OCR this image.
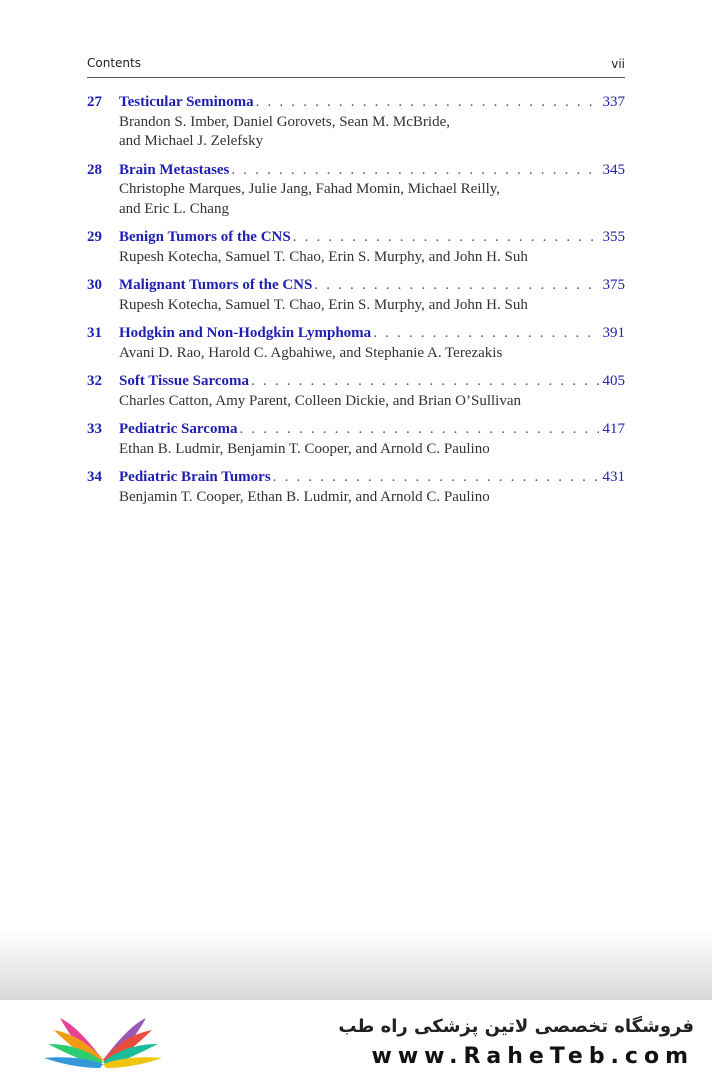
Contents	vii
27 Testicular Seminoma . . .	337
Brandon S. Imber, Daniel Gorovets, Sean M. McBride,
and Michael J. Zelefsky
28 Brain Metastases . . .	345
Christophe Marques, Julie Jang, Fahad Momin, Michael Reilly,
and Eric L. Chang
29 Benign Tumors of the CNS . . .	355
Rupesh Kotecha, Samuel T. Chao, Erin S. Murphy, and John H. Suh
30 Malignant Tumors of the CNS . . .	375
Rupesh Kotecha, Samuel T. Chao, Erin S. Murphy, and John H. Suh
31 Hodgkin and Non-Hodgkin Lymphoma . . .	391
Avani D. Rao, Harold C. Agbahiwe, and Stephanie A. Terezakis
32 Soft Tissue Sarcoma . . .	405
Charles Catton, Amy Parent, Colleen Dickie, and Brian O’Sullivan
33 Pediatric Sarcoma . . .	417
Ethan B. Ludmir, Benjamin T. Cooper, and Arnold C. Paulino
34 Pediatric Brain Tumors . . .	431
Benjamin T. Cooper, Ethan B. Ludmir, and Arnold C. Paulino
فروشگاه تخصصی لاتین پزشکی راه طب
www.RaheTeb.com
